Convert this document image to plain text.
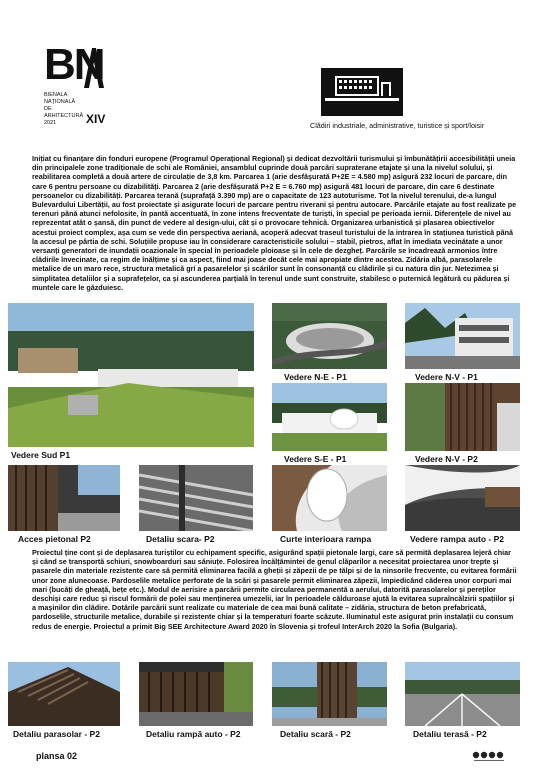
BN
BIENALA
NAȚIONALĂ
DE
ARHITECTURĂ
2021	XIV	Clădiri industriale, administrative, turistice și sport/loisir

Inițiat cu finanțare din fonduri europene (Programul Operațional Regional) și dedicat dezvoltării turismului și îmbunătățirii accesibilității uneia din principalele zone tradiționale de schi ale României, ansamblul cuprinde două parcări supraterane etajate și una la nivelul solului, și reabilitarea completă a două artere de circulație de 3,8 km. Parcarea 1 (arie desfășurată P+2E = 4.580 mp) asigură 232 locuri de parcare, din care 6 pentru persoane cu dizabilități. Parcarea 2 (arie desfășurată P+2 E = 6.760 mp) asigură 481 locuri de parcare, din care 6 destinate persoanelor cu dizabilități. Parcarea terană (suprafață 3.390 mp) are o capacitate de 123 autoturisme. Tot la nivelul terenului, de-a lungul Bulevardului Libertății, au fost proiectate și asigurate locuri de parcare pentru riverani și pentru autocare. Parcările etajate au fost realizate pe terenuri până atunci nefolosite, în pantă accentuată, în zone intens frecventate de turiști, în special pe perioada iernii. Diferențele de nivel au reprezentat atât o șansă, din punct de vedere al design-ului, cât și o provocare tehnică. Organizarea urbanistică și plasarea obiectivelor acestui proiect complex, așa cum se vede din perspectiva aeriană, acoperă adecvat traseul turistului de la intrarea în stațiunea turistică până la accesul pe pârtia de schi. Soluțiile propuse iau în considerare caracteristicile solului – stabil, pietros, aflat în imediata vecinătate a unor versanți generatori de inundații ocazionale în special în perioadele ploioase și în cele de dezgheț. Parcările se încadrează armonios între clădirile învecinate, ca regim de înălțime și ca aspect, fiind mai joase decât cele mai apropiate dintre acestea. Zidăria albă, parasolarele metalice de un maro rece, structura metalică grí a pasarelelor și scărilor sunt în consonanță cu clădirile și cu natura din jur. Netezimea și simplitatea detaliilor și a suprafețelor, ca și ascunderea parțială în terenul unde sunt construite, stabilesc o puternică legătură cu pădurea și muntele care le găzduiesc.

Vedere Sud P1
Vedere N-E - P1	Vedere N-V - P1
Vedere S-E - P1	Vedere N-V - P2
Acces pietonal P2	Detaliu scara- P2	Curte interioara rampa	Vedere rampa auto - P2

Proiectul ține cont și de deplasarea turiștilor cu echipament specific, asigurând spații pietonale largi, care să permită deplasarea lejeră chiar și când se transportă schiuri, snowboarduri sau săniuțe. Folosirea încălțămintei de genul clăparilor a necesitat proiectarea unor trepte și pasarele din materiale rezistente care să permită eliminarea facilă a gheții și zăpezii de pe tălpi și de la ninsorile frecvente, cu evitarea formării unor zone alunecoase. Pardoselile metalice perforate de la scări și pasarele permit eliminarea zăpezii, împiedicând căderea unor corpuri mai mari (bucăți de gheață, bețe etc.). Modul de aerisire a parcării permite circularea permanentă a aerului, datorită parasolarelor și pereților deschiși care reduc și riscul formării de polei sau menținerea umezelii, iar în perioadele călduroase ajută la evitarea supraîncălzirii spațiilor și a mașinilor din clădire. Dotările parcării sunt realizate cu materiale de cea mai bună calitate – zidăria, structura de beton prefabricată, pardoselile, structurile metalice, durabile și rezistente chiar și la temperaturi foarte scăzute. Iluminatul este asigurat prin instalații cu consum redus de energie. Proiectul a primit Big SEE Architecture Award 2020 în Slovenia și trofeul InterArch 2020 la Sofia (Bulgaria).

Detaliu parasolar - P2	Detaliu rampă auto - P2	Detaliu scară - P2	Detaliu terasă - P2
plansa 02
